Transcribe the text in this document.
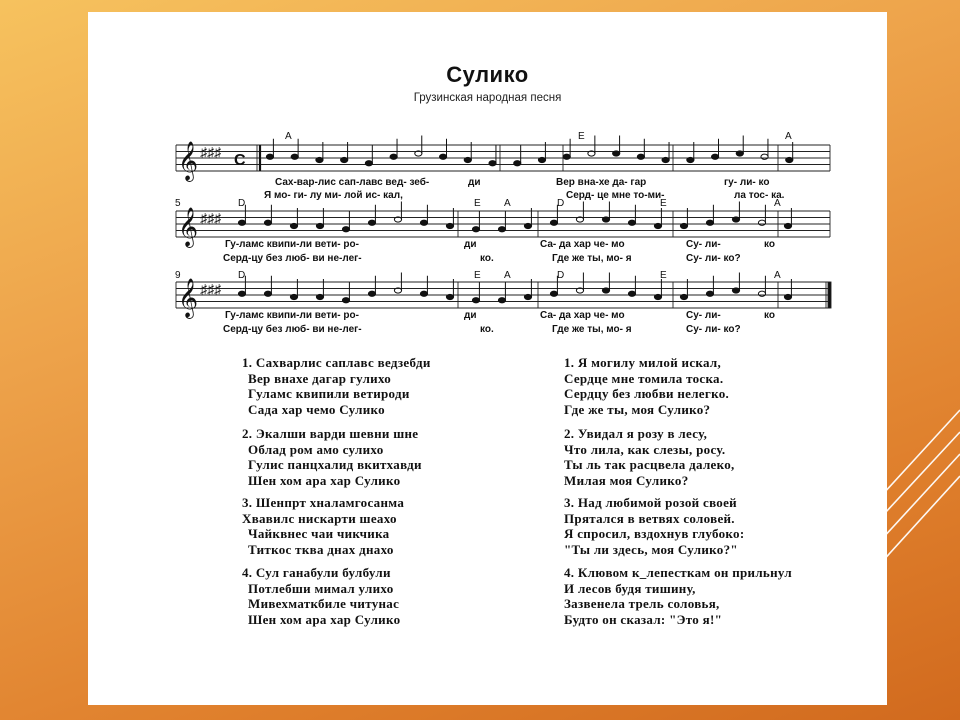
Сулико
Грузинская народная песня
𝄞 ♯♯♯ C
𝄞 ♯♯♯
𝄞 ♯♯♯
A	E	A
Сах-вар-лис сап-лавс вед- зеб-	ди	Вер вна-хе да- гар	гу- ли- ко
Я мо- ги- лу ми- лой ис- кал,	Серд- це мне то-ми-	ла тос- ка.
5	D	E A	D	E	A
Гу-ламс квипи-ли вети- ро-	ди	Са- да хар че- мо	Су- ли-	ко
Серд-цу без люб- ви не-лег-	ко.	Где же ты, мо- я	Су- ли- ко?
9	D	E A	D	E	A
Гу-ламс квипи-ли вети- ро-	ди	Са- да хар че- мо	Су- ли-	ко
Серд-цу без люб- ви не-лег-	ко.	Где же ты, мо- я	Су- ли- ко?
1. Сахварлис саплавс ведзебди
Вер внахе дагар гулихо
Гуламс квипили ветироди
Сада хар чемо Сулико
2. Экалши варди шевни шне
Облад ром амо сулихо
Гулис панцхалид вкитхавди
Шен хом ара хар Сулико
3. Шенпрт хналамгосанма
Хвавилс нискарти шеахо
Чайквнес чаи чикчика
Титкос тква днах днахо
4. Сул ганабули булбули
Потлебши мимал улихо
Мивехматкбиле читунас
Шен хом ара хар Сулико
1. Я могилу милой искал,
Сердце мне томила тоска.
Сердцу без любви нелегко.
Где же ты, моя Сулико?
2. Увидал я розу в лесу,
Что лила, как слезы, росу.
Ты ль так расцвела далеко,
Милая моя Сулико?
3. Над любимой розой своей
Прятался в ветвях соловей.
Я спросил, вздохнув глубоко:
"Ты ли здесь, моя Сулико?"
4. Клювом к_лепесткам он прильнул
И лесов будя тишину,
Зазвенела трель соловья,
Будто он сказал: "Это я!"
